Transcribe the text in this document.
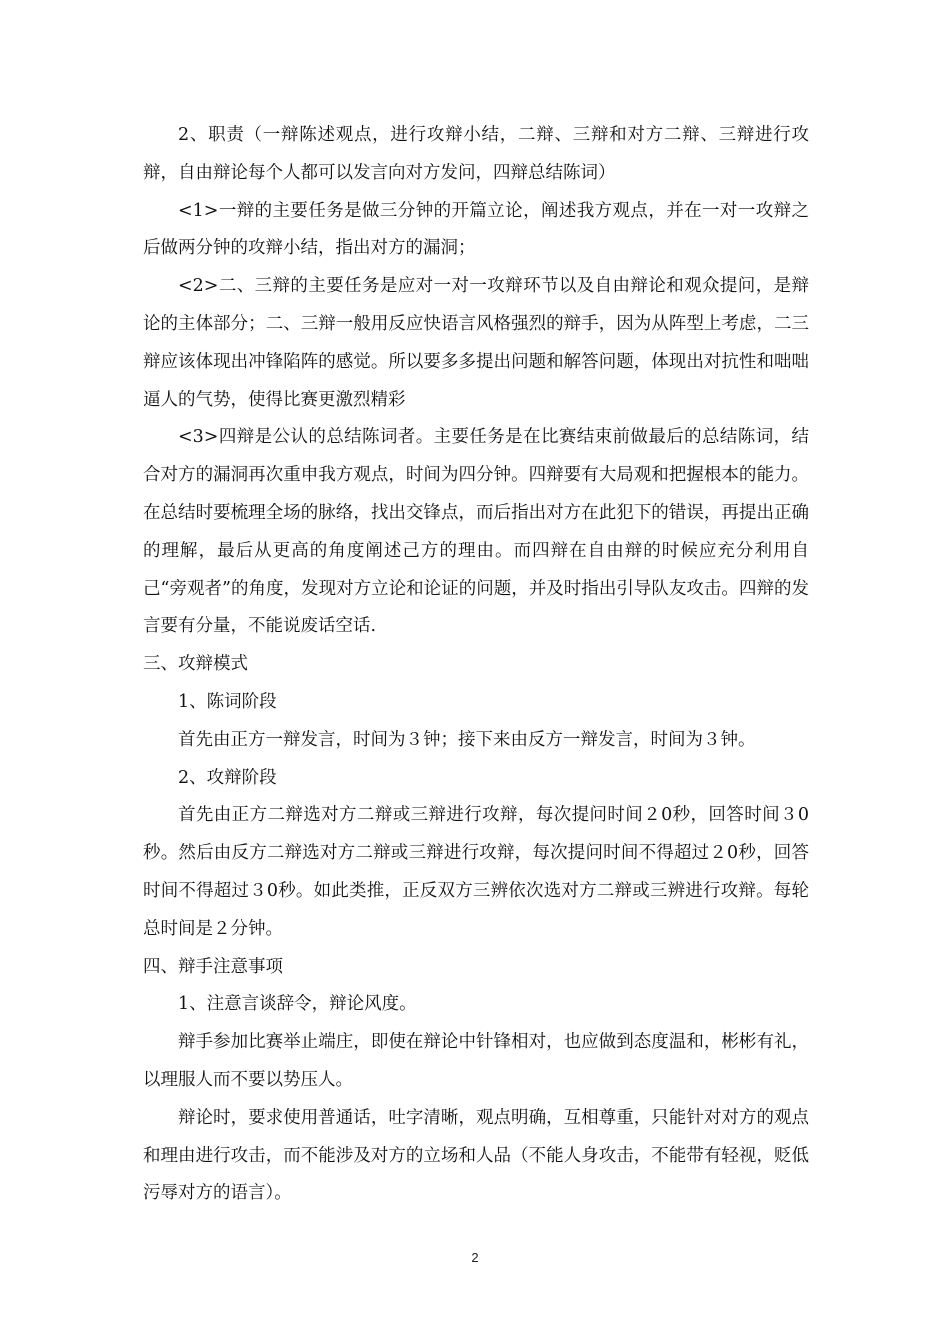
2、职责（一辩陈述观点，进行攻辩小结，二辩、三辩和对方二辩、三辩进行攻辩，自由辩论每个人都可以发言向对方发问，四辩总结陈词）

<1>一辩的主要任务是做三分钟的开篇立论，阐述我方观点，并在一对一攻辩之后做两分钟的攻辩小结，指出对方的漏洞；

<2>二、三辩的主要任务是应对一对一攻辩环节以及自由辩论和观众提问，是辩论的主体部分；二、三辩一般用反应快语言风格强烈的辩手，因为从阵型上考虑，二三辩应该体现出冲锋陷阵的感觉。所以要多多提出问题和解答问题，体现出对抗性和咄咄逼人的气势，使得比赛更激烈精彩

<3>四辩是公认的总结陈词者。主要任务是在比赛结束前做最后的总结陈词，结合对方的漏洞再次重申我方观点，时间为四分钟。四辩要有大局观和把握根本的能力。在总结时要梳理全场的脉络，找出交锋点，而后指出对方在此犯下的错误，再提出正确的理解，最后从更高的角度阐述己方的理由。而四辩在自由辩的时候应充分利用自己“旁观者”的角度，发现对方立论和论证的问题，并及时指出引导队友攻击。四辩的发言要有分量，不能说废话空话.

三、攻辩模式

1、陈词阶段

首先由正方一辩发言，时间为３钟；接下来由反方一辩发言，时间为３钟。

2、攻辩阶段

首先由正方二辩选对方二辩或三辩进行攻辩，每次提问时间２0秒，回答时间３0秒。然后由反方二辩选对方二辩或三辩进行攻辩，每次提问时间不得超过２0秒，回答时间不得超过３0秒。如此类推，正反双方三辨依次选对方二辩或三辨进行攻辩。每轮总时间是２分钟。

四、辩手注意事项

1、注意言谈辞令，辩论风度。

辩手参加比赛举止端庄，即使在辩论中针锋相对，也应做到态度温和，彬彬有礼，以理服人而不要以势压人。

辩论时，要求使用普通话，吐字清晰，观点明确，互相尊重，只能针对对方的观点和理由进行攻击，而不能涉及对方的立场和人品（不能人身攻击，不能带有轻视，贬低污辱对方的语言）。

2
